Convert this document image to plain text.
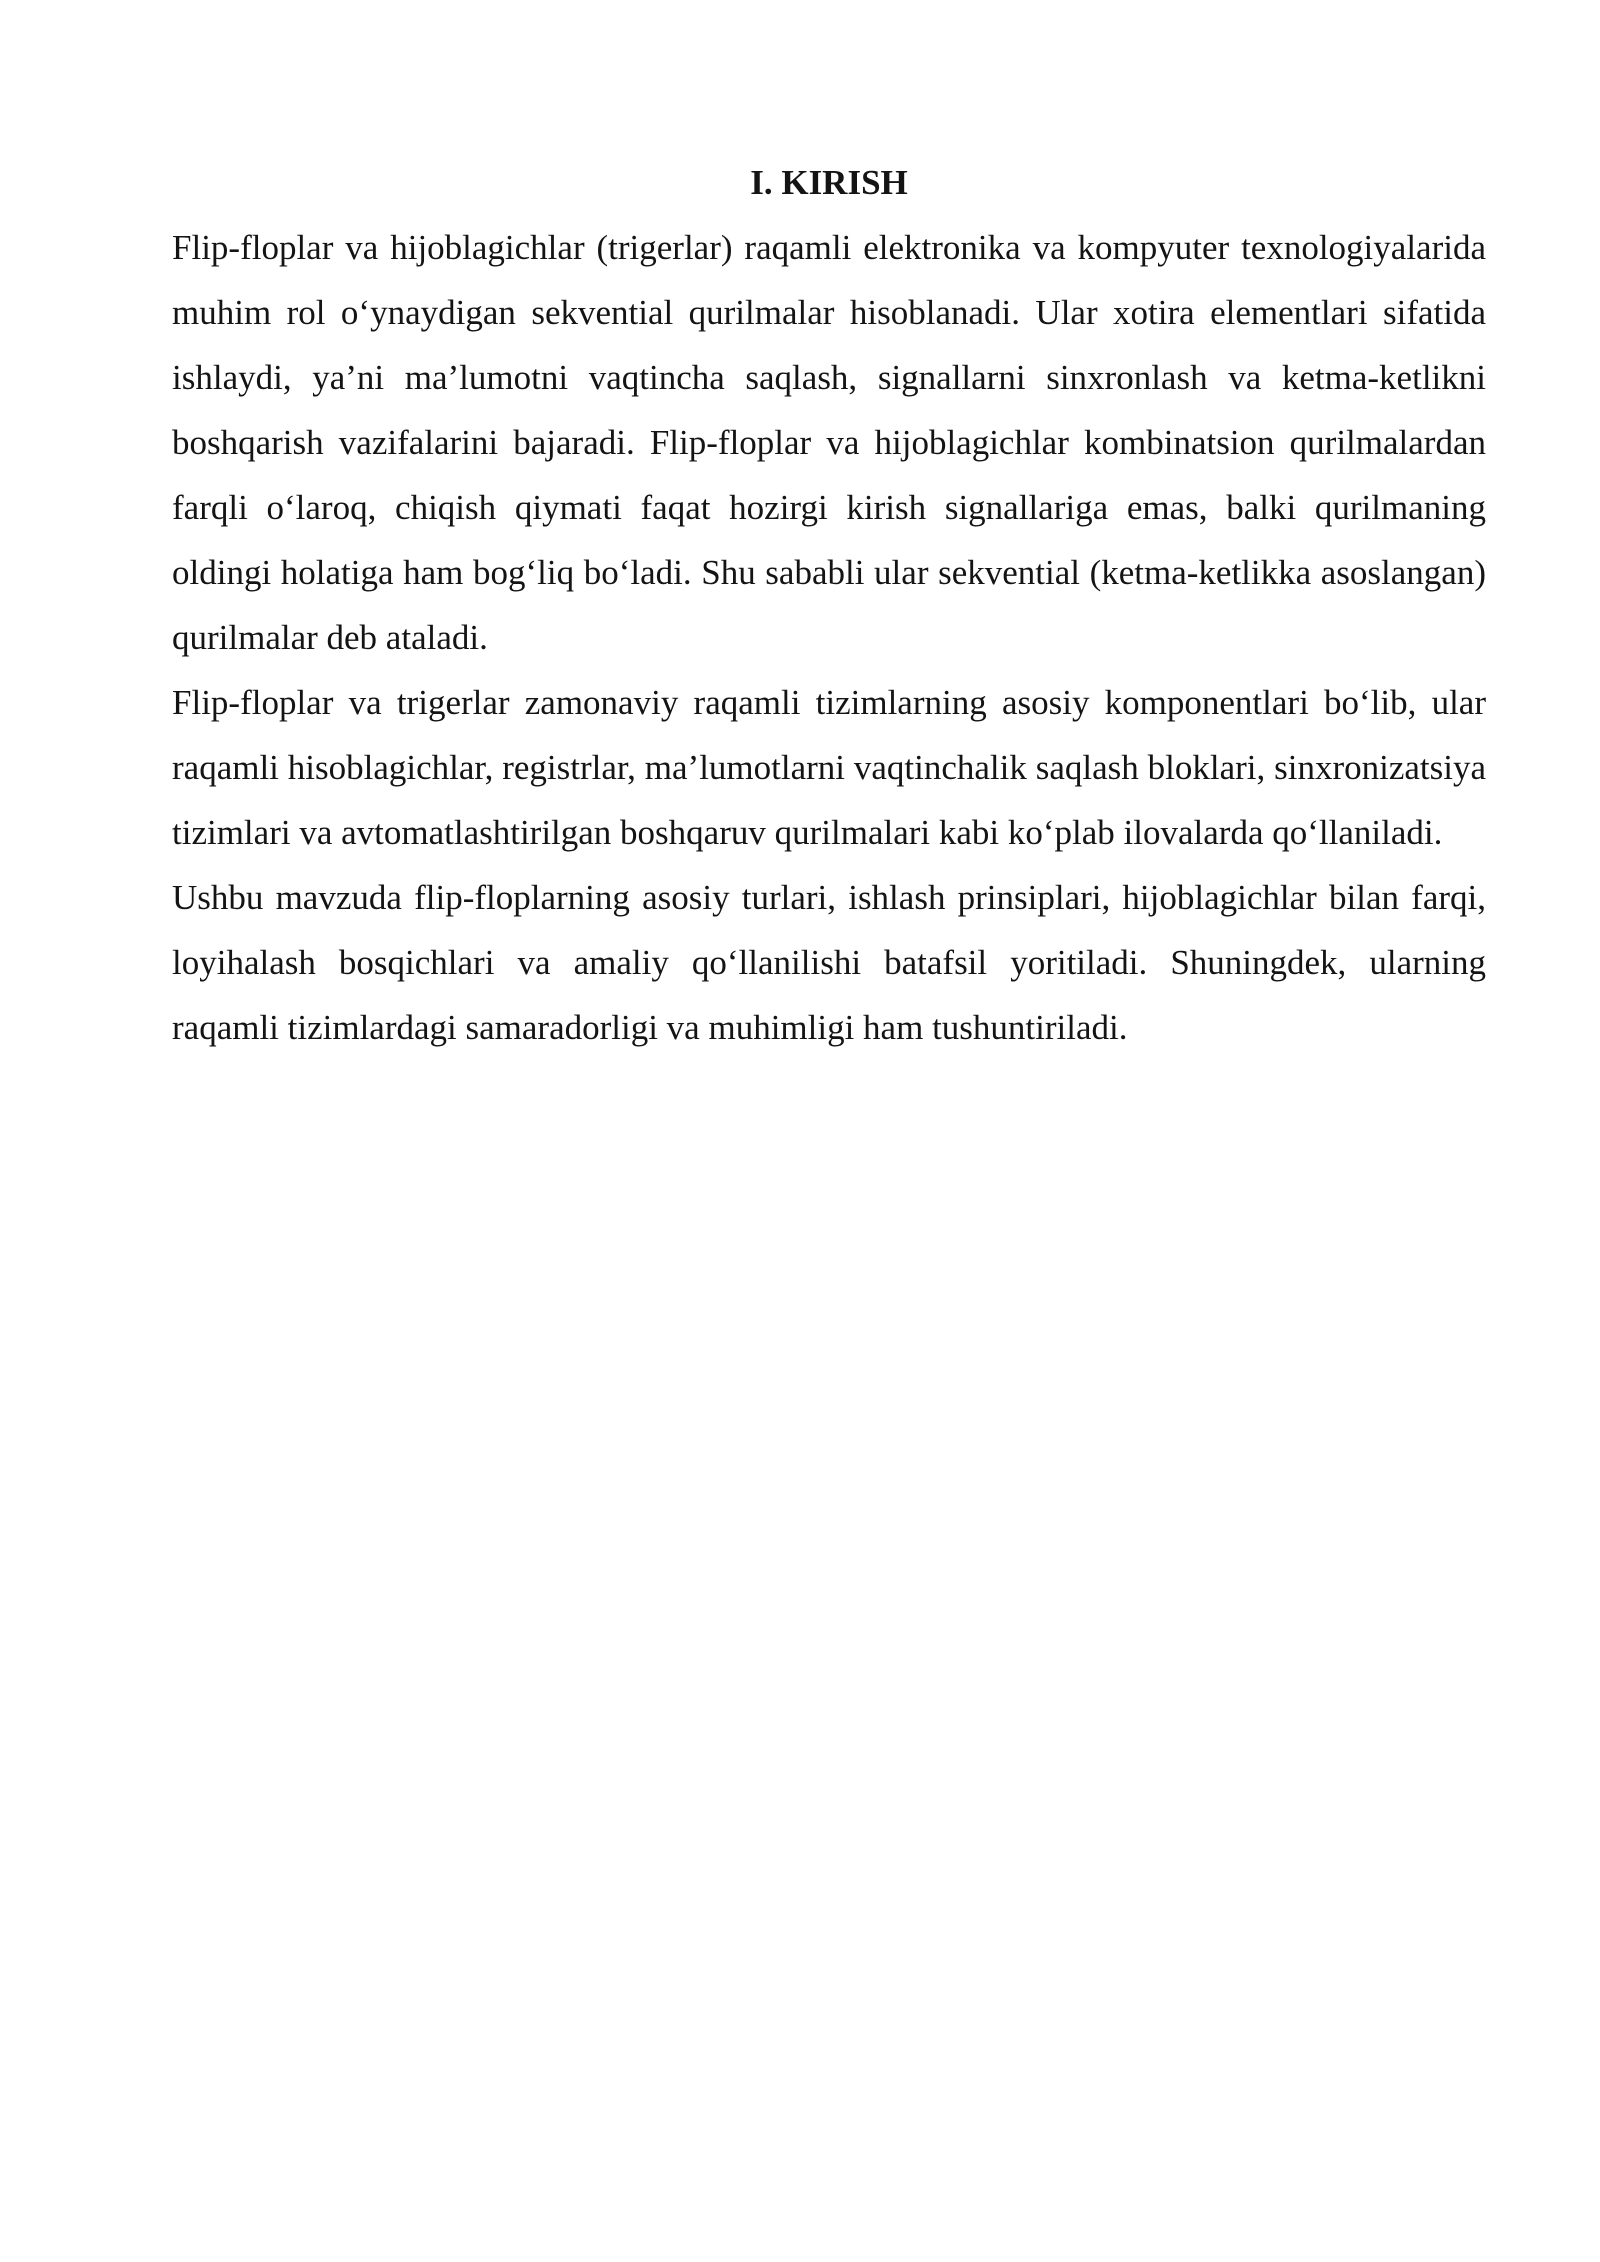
I. KIRISH

Flip-floplar va hijoblagichlar (trigerlar) raqamli elektronika va kompyuter texnologiyalarida muhim rol o‘ynaydigan sekvential qurilmalar hisoblanadi. Ular xotira elementlari sifatida ishlaydi, ya’ni ma’lumotni vaqtincha saqlash, signallarni sinxronlash va ketma-ketlikni boshqarish vazifalarini bajaradi. Flip-floplar va hijoblagichlar kombinatsion qurilmalardan farqli o‘laroq, chiqish qiymati faqat hozirgi kirish signallariga emas, balki qurilmaning oldingi holatiga ham bog‘liq bo‘ladi. Shu sababli ular sekvential (ketma-ketlikka asoslangan) qurilmalar deb ataladi.

Flip-floplar va trigerlar zamonaviy raqamli tizimlarning asosiy komponentlari bo‘lib, ular raqamli hisoblagichlar, registrlar, ma’lumotlarni vaqtinchalik saqlash bloklari, sinxronizatsiya tizimlari va avtomatlashtirilgan boshqaruv qurilmalari kabi ko‘plab ilovalarda qo‘llaniladi.

Ushbu mavzuda flip-floplarning asosiy turlari, ishlash prinsiplari, hijoblagichlar bilan farqi, loyihalash bosqichlari va amaliy qo‘llanilishi batafsil yoritiladi. Shuningdek, ularning raqamli tizimlardagi samaradorligi va muhimligi ham tushuntiriladi.
